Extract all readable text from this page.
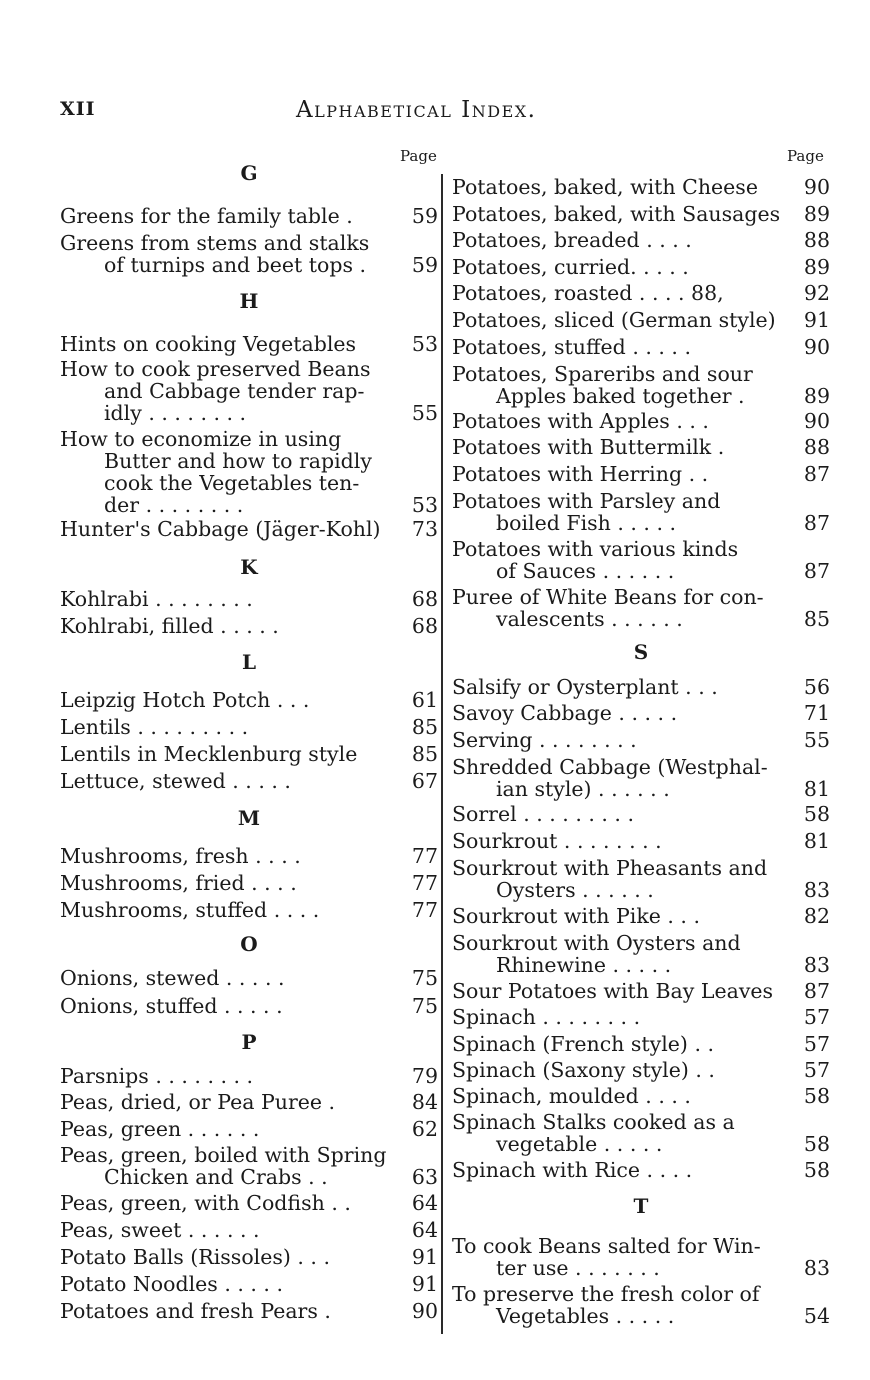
XII	Alphabetical Index.
Page	Page
G
Greens for the family table .	59
Greens from stems and stalks
of turnips and beet tops .	59
H
Hints on cooking Vegetables	53
How to cook preserved Beans
and Cabbage tender rap-
idly . . . . . . . .	55
How to economize in using
Butter and how to rapidly
cook the Vegetables ten-
der . . . . . . . .	53
Hunter's Cabbage (Jäger-Kohl)	73
K
Kohlrabi . . . . . . . .	68
Kohlrabi, filled . . . . .	68
L
Leipzig Hotch Potch . . .	61
Lentils . . . . . . . . .	85
Lentils in Mecklenburg style	85
Lettuce, stewed . . . . .	67
M
Mushrooms, fresh . . . .	77
Mushrooms, fried . . . .	77
Mushrooms, stuffed . . . .	77
O
Onions, stewed . . . . .	75
Onions, stuffed . . . . .	75
P
Parsnips . . . . . . . .	79
Peas, dried, or Pea Puree .	84
Peas, green . . . . . .	62
Peas, green, boiled with Spring
Chicken and Crabs . .	63
Peas, green, with Codfish . .	64
Peas, sweet . . . . . .	64
Potato Balls (Rissoles) . . .	91
Potato Noodles . . . . .	91
Potatoes and fresh Pears .	90
Potatoes, baked, with Cheese	90
Potatoes, baked, with Sausages	89
Potatoes, breaded . . . .	88
Potatoes, curried. . . . .	89
Potatoes, roasted . . . . 88,	92
Potatoes, sliced (German style)	91
Potatoes, stuffed . . . . .	90
Potatoes, Spareribs and sour
Apples baked together .	89
Potatoes with Apples . . .	90
Potatoes with Buttermilk .	88
Potatoes with Herring . .	87
Potatoes with Parsley and
boiled Fish . . . . .	87
Potatoes with various kinds
of Sauces . . . . . .	87
Puree of White Beans for con-
valescents . . . . . .	85
S
Salsify or Oysterplant . . .	56
Savoy Cabbage . . . . .	71
Serving . . . . . . . .	55
Shredded Cabbage (Westphal-
ian style) . . . . . .	81
Sorrel . . . . . . . . .	58
Sourkrout . . . . . . . .	81
Sourkrout with Pheasants and
Oysters . . . . . .	83
Sourkrout with Pike . . .	82
Sourkrout with Oysters and
Rhinewine . . . . .	83
Sour Potatoes with Bay Leaves	87
Spinach . . . . . . . .	57
Spinach (French style) . .	57
Spinach (Saxony style) . .	57
Spinach, moulded . . . .	58
Spinach Stalks cooked as a
vegetable . . . . .	58
Spinach with Rice . . . .	58
T
To cook Beans salted for Win-
ter use . . . . . . .	83
To preserve the fresh color of
Vegetables . . . . .	54
